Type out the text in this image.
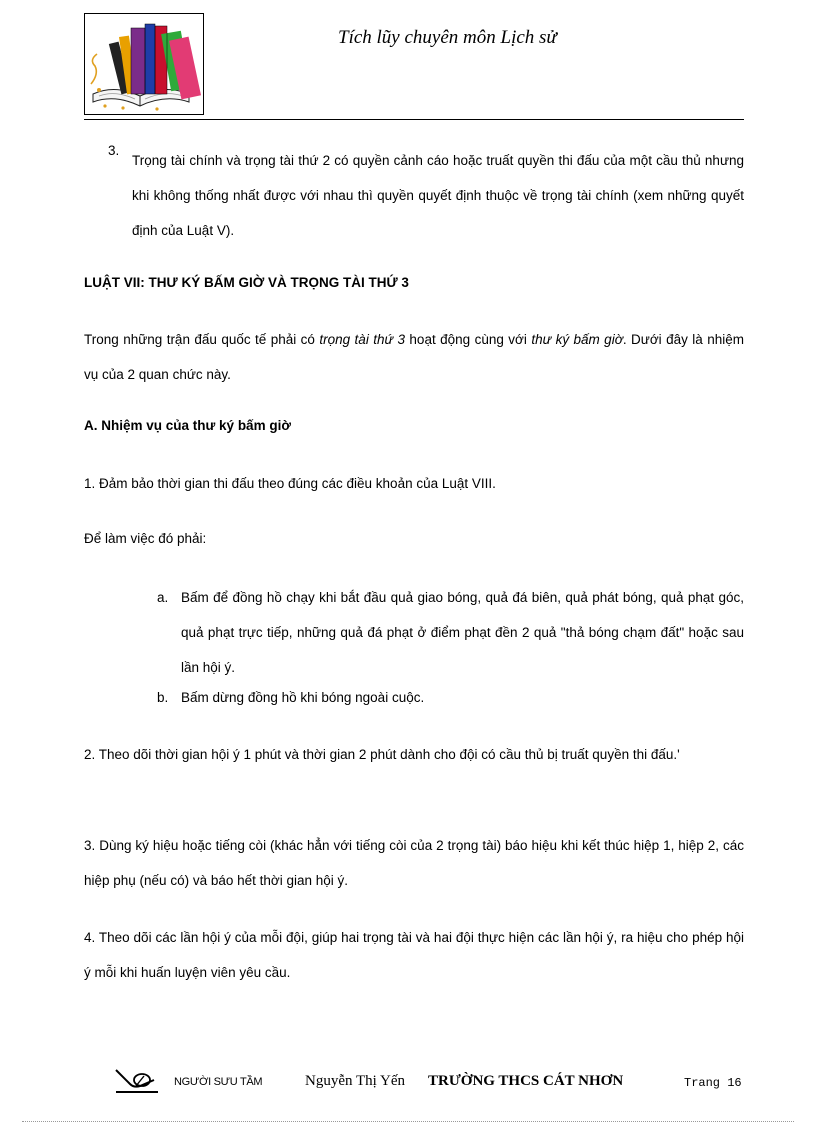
Tích lũy chuyên môn Lịch sử
3.
Trọng tài chính và trọng tài thứ 2 có quyền cảnh cáo hoặc truất quyền thi đấu của một cầu thủ nhưng khi không thống nhất được với nhau thì quyền quyết định thuộc về trọng tài chính (xem những quyết định của Luật V).
LUẬT VII: THƯ KÝ BẤM GIỜ VÀ TRỌNG TÀI THỨ 3
Trong những trận đấu quốc tế phải có trọng tài thứ 3 hoạt động cùng với thư ký bấm giờ. Dưới đây là nhiệm vụ của 2 quan chức này.
A. Nhiệm vụ của thư ký bấm giờ
1. Đảm bảo thời gian thi đấu theo đúng các điều khoản của Luật VIII.
Để làm việc đó phải:
a. Bấm để đồng hồ chạy khi bắt đầu quả giao bóng, quả đá biên, quả phát bóng, quả phạt góc, quả phạt trực tiếp, những quả đá phạt ở điểm phạt đền 2 quả "thả bóng chạm đất" hoặc sau lần hội ý.
b. Bấm dừng đồng hồ khi bóng ngoài cuộc.
2. Theo dõi thời gian hội ý 1 phút và thời gian 2 phút dành cho đội có cầu thủ bị truất quyền thi đấu.'
3. Dùng ký hiệu hoặc tiếng còi (khác hẳn với tiếng còi của 2 trọng tài) báo hiệu khi kết thúc hiệp 1, hiệp 2, các hiệp phụ (nếu có) và báo hết thời gian hội ý.
4. Theo dõi các lần hội ý của mỗi đội, giúp hai trọng tài và hai đội thực hiện các lần hội ý, ra hiệu cho phép hội ý mỗi khi huấn luyện viên yêu cầu.
NGƯỜI SƯU TẦM	Nguyễn Thị Yến TRƯỜNG THCS CÁT NHƠN	Trang 16
